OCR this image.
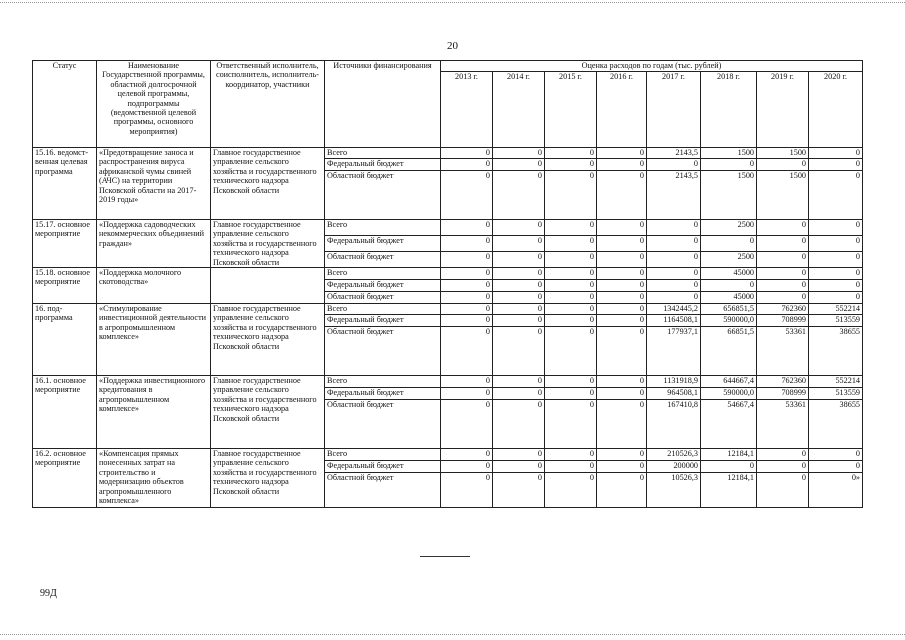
20
Статус	Наименование Государственной программы, областной долгосрочной целевой программы, подпрограммы (ведомственной целевой программы, основного мероприятия)	Ответственный исполнитель, соисполнитель, исполнитель-координатор, участники	Источники финансирования	Оценка расходов по годам (тыс. рублей)							
				2013 г.	2014 г.	2015 г.	2016 г.	2017 г.	2018 г.	2019 г.	2020 г.
15.16. ведомст-венная целевая программа	«Предотвращение заноса и распространения вируса африканской чумы свиней (АЧС) на территории Псковской области на 2017-2019 годы»	Главное государственное управление сельского хозяйства и государственного технического надзора Псковской области	Всего	0	0	0	0	2143,5	1500	1500	0
			Федеральный бюджет	0	0	0	0	0	0	0	0
			Областной бюджет	0	0	0	0	2143,5	1500	1500	0
15.17. основное мероприятие	«Поддержка садоводческих некоммерческих объединений граждан»	Главное государственное управление сельского хозяйства и государственного технического надзора Псковской области	Всего	0	0	0	0	0	2500	0	0
			Федеральный бюджет	0	0	0	0	0	0	0	0
			Областной бюджет	0	0	0	0	0	2500	0	0
15.18. основное мероприятие	«Поддержка молочного скотоводства»		Всего	0	0	0	0	0	45000	0	0
			Федеральный бюджет	0	0	0	0	0	0	0	0
			Областной бюджет	0	0	0	0	0	45000	0	0
16. под-программа	«Стимулирование инвестиционной деятельности в агропромышленном комплексе»	Главное государственное управление сельского хозяйства и государственного технического надзора Псковской области	Всего	0	0	0	0	1342445,2	656851,5	762360	552214
			Федеральный бюджет	0	0	0	0	1164508,1	590000,0	708999	513559
			Областной бюджет	0	0	0	0	177937,1	66851,5	53361	38655
16.1. основное мероприятие	«Поддержка инвестиционного кредитования в агропромышленном комплексе»	Главное государственное управление сельского хозяйства и государственного технического надзора Псковской области	Всего	0	0	0	0	1131918,9	644667,4	762360	552214
			Федеральный бюджет	0	0	0	0	964508,1	590000,0	708999	513559
			Областной бюджет	0	0	0	0	167410,8	54667,4	53361	38655
16.2. основное мероприятие	«Компенсация прямых понесенных затрат на строительство и модернизацию объектов агропромышленного комплекса»	Главное государственное управление сельского хозяйства и государственного технического надзора Псковской области	Всего	0	0	0	0	210526,3	12184,1	0	0
			Федеральный бюджет	0	0	0	0	200000	0	0	0
			Областной бюджет	0	0	0	0	10526,3	12184,1	0	0»
99Д
